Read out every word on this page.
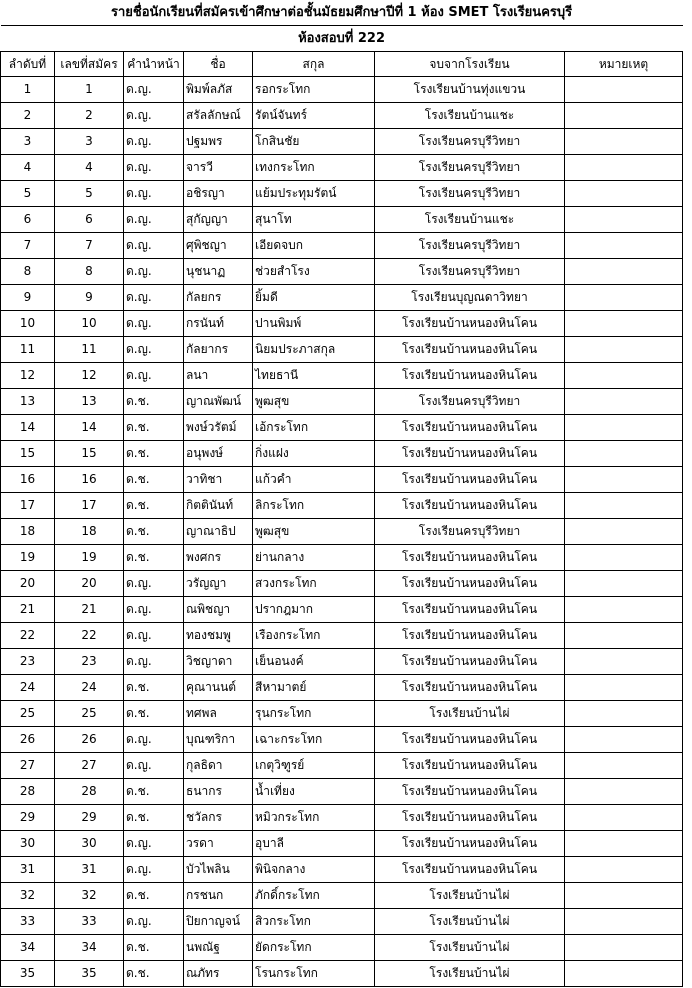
รายชื่อนักเรียนที่สมัครเข้าศึกษาต่อชั้นมัธยมศึกษาปีที่ 1 ห้อง SMET โรงเรียนครบุรี						
ห้องสอบที่ 222						
ลำดับที่	เลขที่สมัคร	คำนำหน้า	ชื่อ	สกุล	จบจากโรงเรียน	หมายเหตุ
1	1	ด.ญ.	พิมพ์ลภัส	รอกระโทก	โรงเรียนบ้านทุ่งแขวน	
2	2	ด.ญ.	สรัลลักษณ์	รัตน์จันทร์	โรงเรียนบ้านแชะ	
3	3	ด.ญ.	ปฐมพร	โกสินชัย	โรงเรียนครบุรีวิทยา	
4	4	ด.ญ.	จารวี	เทงกระโทก	โรงเรียนครบุรีวิทยา	
5	5	ด.ญ.	อชิรญา	แย้มประทุมรัตน์	โรงเรียนครบุรีวิทยา	
6	6	ด.ญ.	สุกัญญา	สุนาโท	โรงเรียนบ้านแชะ	
7	7	ด.ญ.	ศุพิชญา	เอียดจบก	โรงเรียนครบุรีวิทยา	
8	8	ด.ญ.	นุชนาฏ	ช่วยสำโรง	โรงเรียนครบุรีวิทยา	
9	9	ด.ญ.	กัลยกร	ยิ้มดี	โรงเรียนบุญณดาวิทยา	
10	10	ด.ญ.	กรนันท์	ปานพิมพ์	โรงเรียนบ้านหนองหินโคน	
11	11	ด.ญ.	กัลยากร	นิยมประภาสกุล	โรงเรียนบ้านหนองหินโคน	
12	12	ด.ญ.	ลนา	ไทยธานี	โรงเรียนบ้านหนองหินโคน	
13	13	ด.ช.	ญาณพัฒน์	พูฒสุข	โรงเรียนครบุรีวิทยา	
14	14	ด.ช.	พงษ์วรัตม์	เอ้กระโทก	โรงเรียนบ้านหนองหินโคน	
15	15	ด.ช.	อนุพงษ์	กิ่งแฝง	โรงเรียนบ้านหนองหินโคน	
16	16	ด.ช.	วาทิชา	แก้วคำ	โรงเรียนบ้านหนองหินโคน	
17	17	ด.ช.	กิตตินันท์	ลิกระโทก	โรงเรียนบ้านหนองหินโคน	
18	18	ด.ช.	ญาณาธิป	พูฒสุข	โรงเรียนครบุรีวิทยา	
19	19	ด.ช.	พงศกร	ย่านกลาง	โรงเรียนบ้านหนองหินโคน	
20	20	ด.ญ.	วรัญญา	สวงกระโทก	โรงเรียนบ้านหนองหินโคน	
21	21	ด.ญ.	ณพิชญา	ปรากฎมาก	โรงเรียนบ้านหนองหินโคน	
22	22	ด.ญ.	ทองชมพู	เรืองกระโทก	โรงเรียนบ้านหนองหินโคน	
23	23	ด.ญ.	วิชญาดา	เย็นอนงค์	โรงเรียนบ้านหนองหินโคน	
24	24	ด.ช.	คุณานนต์	สีหามาตย์	โรงเรียนบ้านหนองหินโคน	
25	25	ด.ช.	ทศพล	รุนกระโทก	โรงเรียนบ้านไผ่	
26	26	ด.ญ.	บุณฑริกา	เฉาะกระโทก	โรงเรียนบ้านหนองหินโคน	
27	27	ด.ญ.	กุลธิดา	เกตุวิฑูรย์	โรงเรียนบ้านหนองหินโคน	
28	28	ด.ช.	ธนากร	น้ำเที่ยง	โรงเรียนบ้านหนองหินโคน	
29	29	ด.ช.	ชวัลกร	หมิวกระโทก	โรงเรียนบ้านหนองหินโคน	
30	30	ด.ญ.	วรดา	อุบาลี	โรงเรียนบ้านหนองหินโคน	
31	31	ด.ญ.	บัวไพลิน	พินิจกลาง	โรงเรียนบ้านหนองหินโคน	
32	32	ด.ช.	กรชนก	ภักดิ์กระโทก	โรงเรียนบ้านไผ่	
33	33	ด.ญ.	ปิยกาญจน์	สิวกระโทก	โรงเรียนบ้านไผ่	
34	34	ด.ช.	นพณัฐ	ยัดกระโทก	โรงเรียนบ้านไผ่	
35	35	ด.ช.	ณภัทร	โรนกระโทก	โรงเรียนบ้านไผ่	
